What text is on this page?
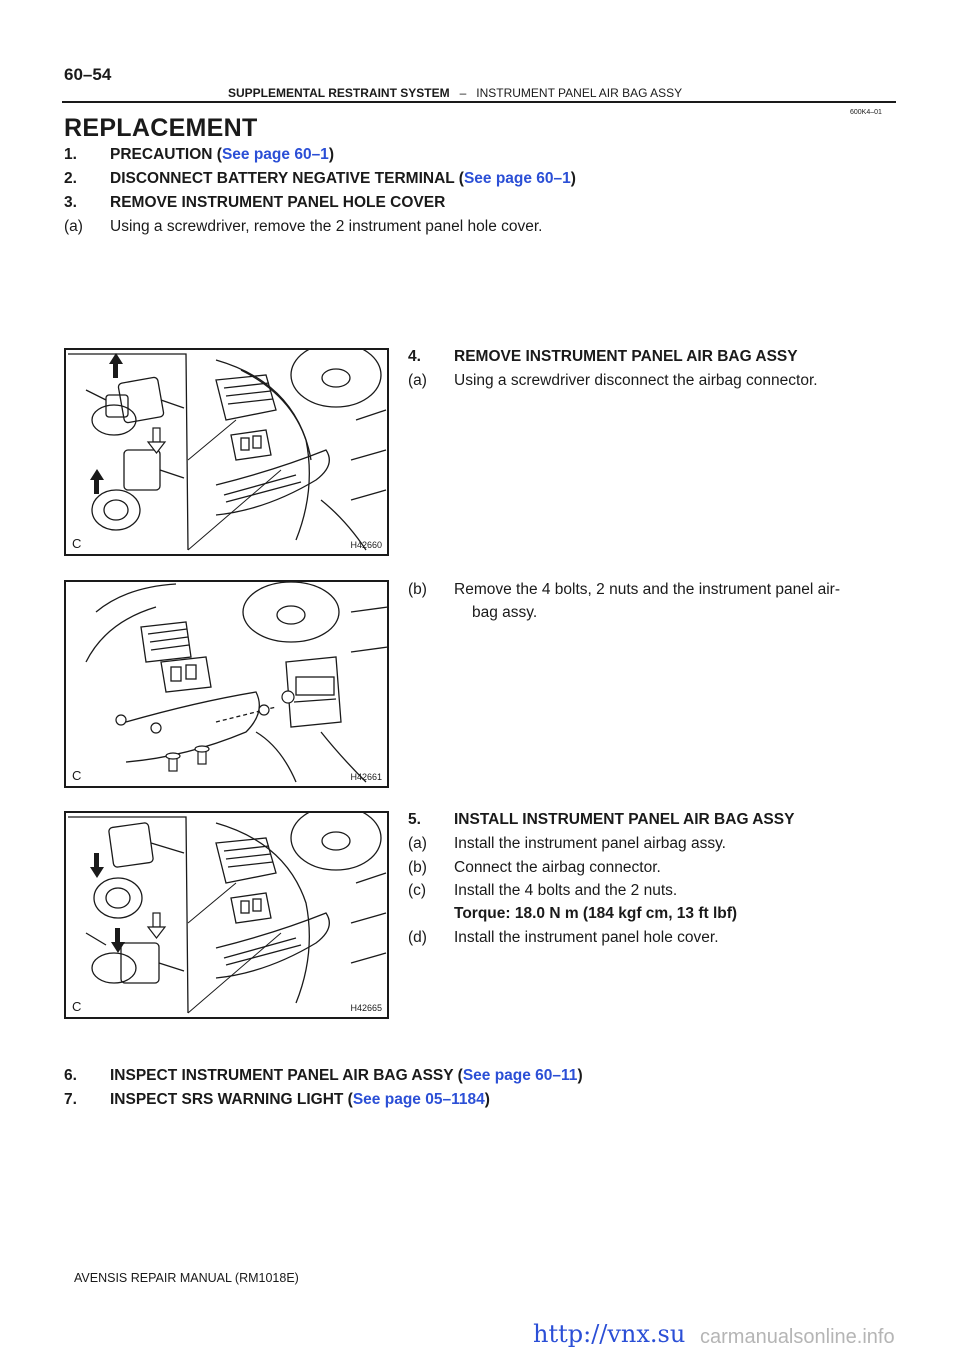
60–54
SUPPLEMENTAL RESTRAINT SYSTEM – INSTRUMENT PANEL AIR BAG ASSY
600K4–01
REPLACEMENT
1. PRECAUTION (See page 60–1)
2. DISCONNECT BATTERY NEGATIVE TERMINAL (See page 60–1)
3. REMOVE INSTRUMENT PANEL HOLE COVER
(a) Using a screwdriver, remove the 2 instrument panel hole cover.
C	H42660
4. REMOVE INSTRUMENT PANEL AIR BAG ASSY
(a) Using a screwdriver disconnect the airbag connector.
C	H42661
(b) Remove the 4 bolts, 2 nuts and the instrument panel air-
bag assy.
C	H42665
5. INSTALL INSTRUMENT PANEL AIR BAG ASSY
(a) Install the instrument panel airbag assy.
(b) Connect the airbag connector.
(c) Install the 4 bolts and the 2 nuts.
Torque: 18.0 N m (184 kgf cm, 13 ft lbf)
(d) Install the instrument panel hole cover.
6. INSPECT INSTRUMENT PANEL AIR BAG ASSY (See page 60–11)
7. INSPECT SRS WARNING LIGHT (See page 05–1184)
AVENSIS REPAIR MANUAL (RM1018E)
http://vnx.su carmanualsonline.info
